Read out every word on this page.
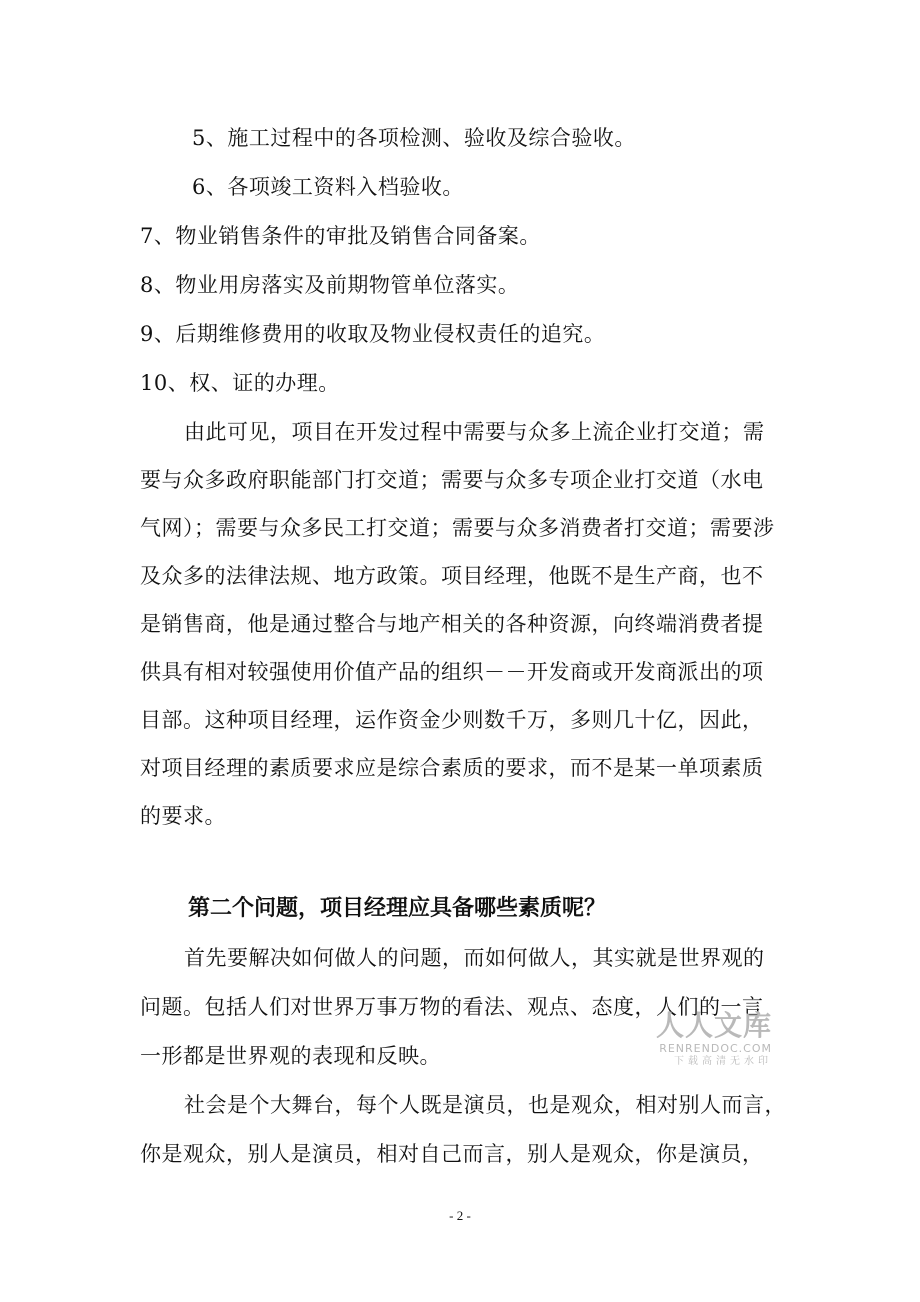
5、施工过程中的各项检测、验收及综合验收。
6、各项竣工资料入档验收。
7、物业销售条件的审批及销售合同备案。
8、物业用房落实及前期物管单位落实。
9、后期维修费用的收取及物业侵权责任的追究。
10、权、证的办理。
由此可见，项目在开发过程中需要与众多上流企业打交道；需
要与众多政府职能部门打交道；需要与众多专项企业打交道（水电
气网）；需要与众多民工打交道；需要与众多消费者打交道；需要涉
及众多的法律法规、地方政策。项目经理，他既不是生产商，也不
是销售商，他是通过整合与地产相关的各种资源，向终端消费者提
供具有相对较强使用价值产品的组织－－开发商或开发商派出的项
目部。这种项目经理，运作资金少则数千万，多则几十亿，因此，
对项目经理的素质要求应是综合素质的要求，而不是某一单项素质
的要求。
第二个问题，项目经理应具备哪些素质呢？
首先要解决如何做人的问题，而如何做人，其实就是世界观的
问题。包括人们对世界万事万物的看法、观点、态度，人们的一言
一形都是世界观的表现和反映。
社会是个大舞台，每个人既是演员，也是观众，相对别人而言，
你是观众，别人是演员，相对自己而言，别人是观众，你是演员，
- 2 -
人人文库
RENRENDOC.COM
下载高清无水印
